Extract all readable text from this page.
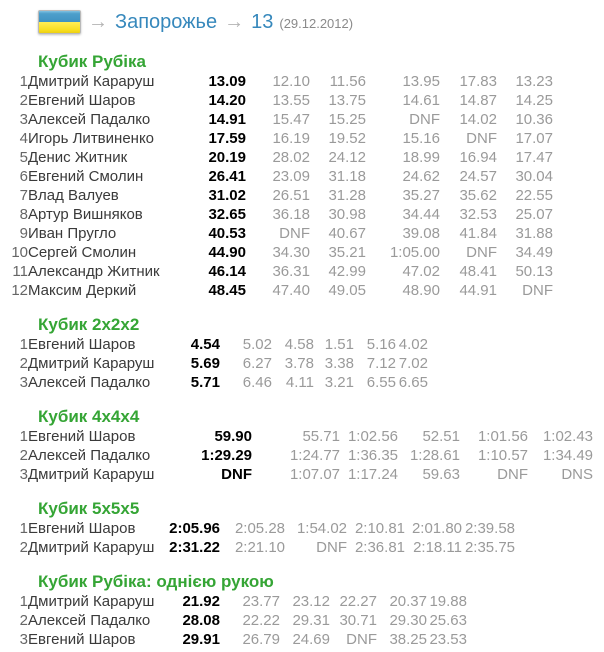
→ Запорожье → 13 (29.12.2012)
Кубик Рубіка
1	Дмитрий Караруш	13.09	12.10	11.56	13.95	17.83	13.23
2	Евгений Шаров	14.20	13.55	13.75	14.61	14.87	14.25
3	Алексей Падалко	14.91	15.47	15.25	DNF	14.02	10.36
4	Игорь Литвиненко	17.59	16.19	19.52	15.16	DNF	17.07
5	Денис Житник	20.19	28.02	24.12	18.99	16.94	17.47
6	Евгений Смолин	26.41	23.09	31.18	24.62	24.57	30.04
7	Влад Валуев	31.02	26.51	31.28	35.27	35.62	22.55
8	Артур Вишняков	32.65	36.18	30.98	34.44	32.53	25.07
9	Иван Пругло	40.53	DNF	40.67	39.08	41.84	31.88
10	Сергей Смолин	44.90	34.30	35.21	1:05.00	DNF	34.49
11	Александр Житник	46.14	36.31	42.99	47.02	48.41	50.13
12	Максим Деркий	48.45	47.40	49.05	48.90	44.91	DNF
Кубик 2x2x2
1	Евгений Шаров	4.54	5.02	4.58	1.51	5.16	4.02
2	Дмитрий Караруш	5.69	6.27	3.78	3.38	7.12	7.02
3	Алексей Падалко	5.71	6.46	4.11	3.21	6.55	6.65
Кубик 4x4x4
1	Евгений Шаров	59.90	55.71	1:02.56	52.51	1:01.56	1:02.43
2	Алексей Падалко	1:29.29	1:24.77	1:36.35	1:28.61	1:10.57	1:34.49
3	Дмитрий Караруш	DNF	1:07.07	1:17.24	59.63	DNF	DNS
Кубик 5x5x5
1	Евгений Шаров	2:05.96	2:05.28	1:54.02	2:10.81	2:01.80	2:39.58
2	Дмитрий Караруш	2:31.22	2:21.10	DNF	2:36.81	2:18.11	2:35.75
Кубик Рубіка: однією рукою
1	Дмитрий Караруш	21.92	23.77	23.12	22.27	20.37	19.88
2	Алексей Падалко	28.08	22.22	29.31	30.71	29.30	25.63
3	Евгений Шаров	29.91	26.79	24.69	DNF	38.25	23.53
